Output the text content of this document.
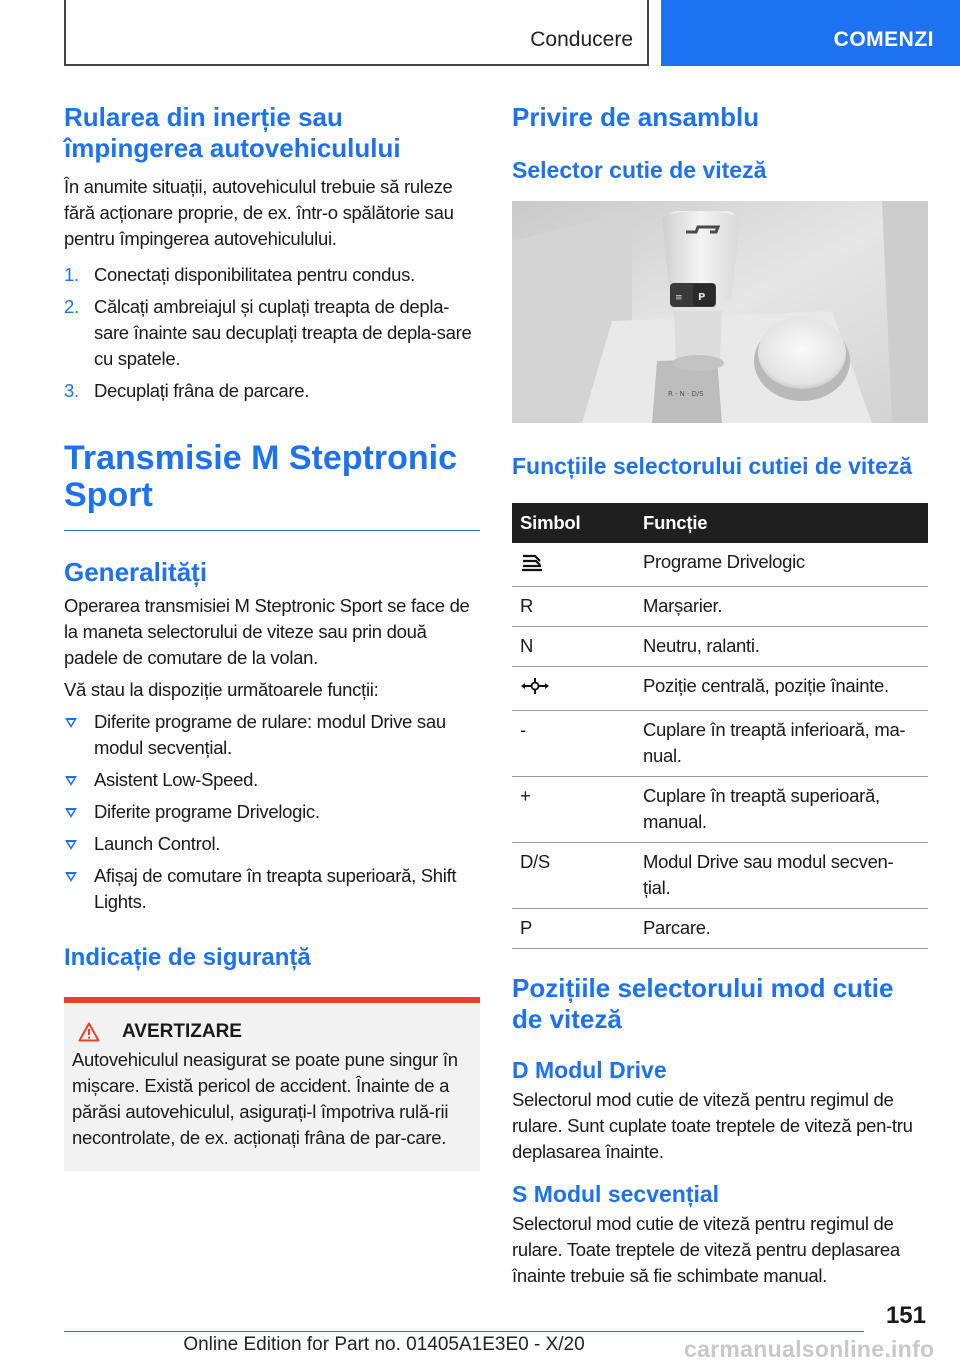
Conducere	COMENZI
Rularea din inerție sau împingerea autovehiculului

În anumite situații, autovehiculul trebuie să ruleze fără acționare proprie, de ex. într-o spălătorie sau pentru împingerea autovehiculului.

1. Conectați disponibilitatea pentru condus.
2. Călcați ambreiajul și cuplați treapta de depla-sare înainte sau decuplați treapta de depla-sare cu spatele.
3. Decuplați frâna de parcare.
Transmisie M Steptronic Sport
Generalități

Operarea transmisiei M Steptronic Sport se face de la maneta selectorului de viteze sau prin două padele de comutare de la volan.

Vă stau la dispoziție următoarele funcții:

Diferite programe de rulare: modul Drive sau modul secvențial.
Asistent Low-Speed.
Diferite programe Drivelogic.
Launch Control.
Afișaj de comutare în treapta superioară, Shift Lights.
Indicație de siguranță
AVERTIZARE

Autovehiculul neasigurat se poate pune singur în mișcare. Există pericol de accident. Înainte de a părăsi autovehiculul, asigurați-l împotriva rulă-rii necontrolate, de ex. acționați frâna de par-care.

Privire de ansamblu
Selector cutie de viteză
R · N · D/S
≡ P
Funcțiile selectorului cutiei de viteză
Simbol	Funcție
	Programe Drivelogic
R	Marșarier.
N	Neutru, ralanti.
	Poziție centrală, poziție înainte.
-	Cuplare în treaptă inferioară, ma-nual.
+	Cuplare în treaptă superioară, manual.
D/S	Modul Drive sau modul secven-țial.
P	Parcare.
Pozițiile selectorului mod cutie de viteză
D Modul Drive

Selectorul mod cutie de viteză pentru regimul de rulare. Sunt cuplate toate treptele de viteză pen-tru deplasarea înainte.

S Modul secvențial

Selectorul mod cutie de viteză pentru regimul de rulare. Toate treptele de viteză pentru deplasarea înainte trebuie să fie schimbate manual.

151
Online Edition for Part no. 01405A1E3E0 - X/20	carmanualsonline.info
